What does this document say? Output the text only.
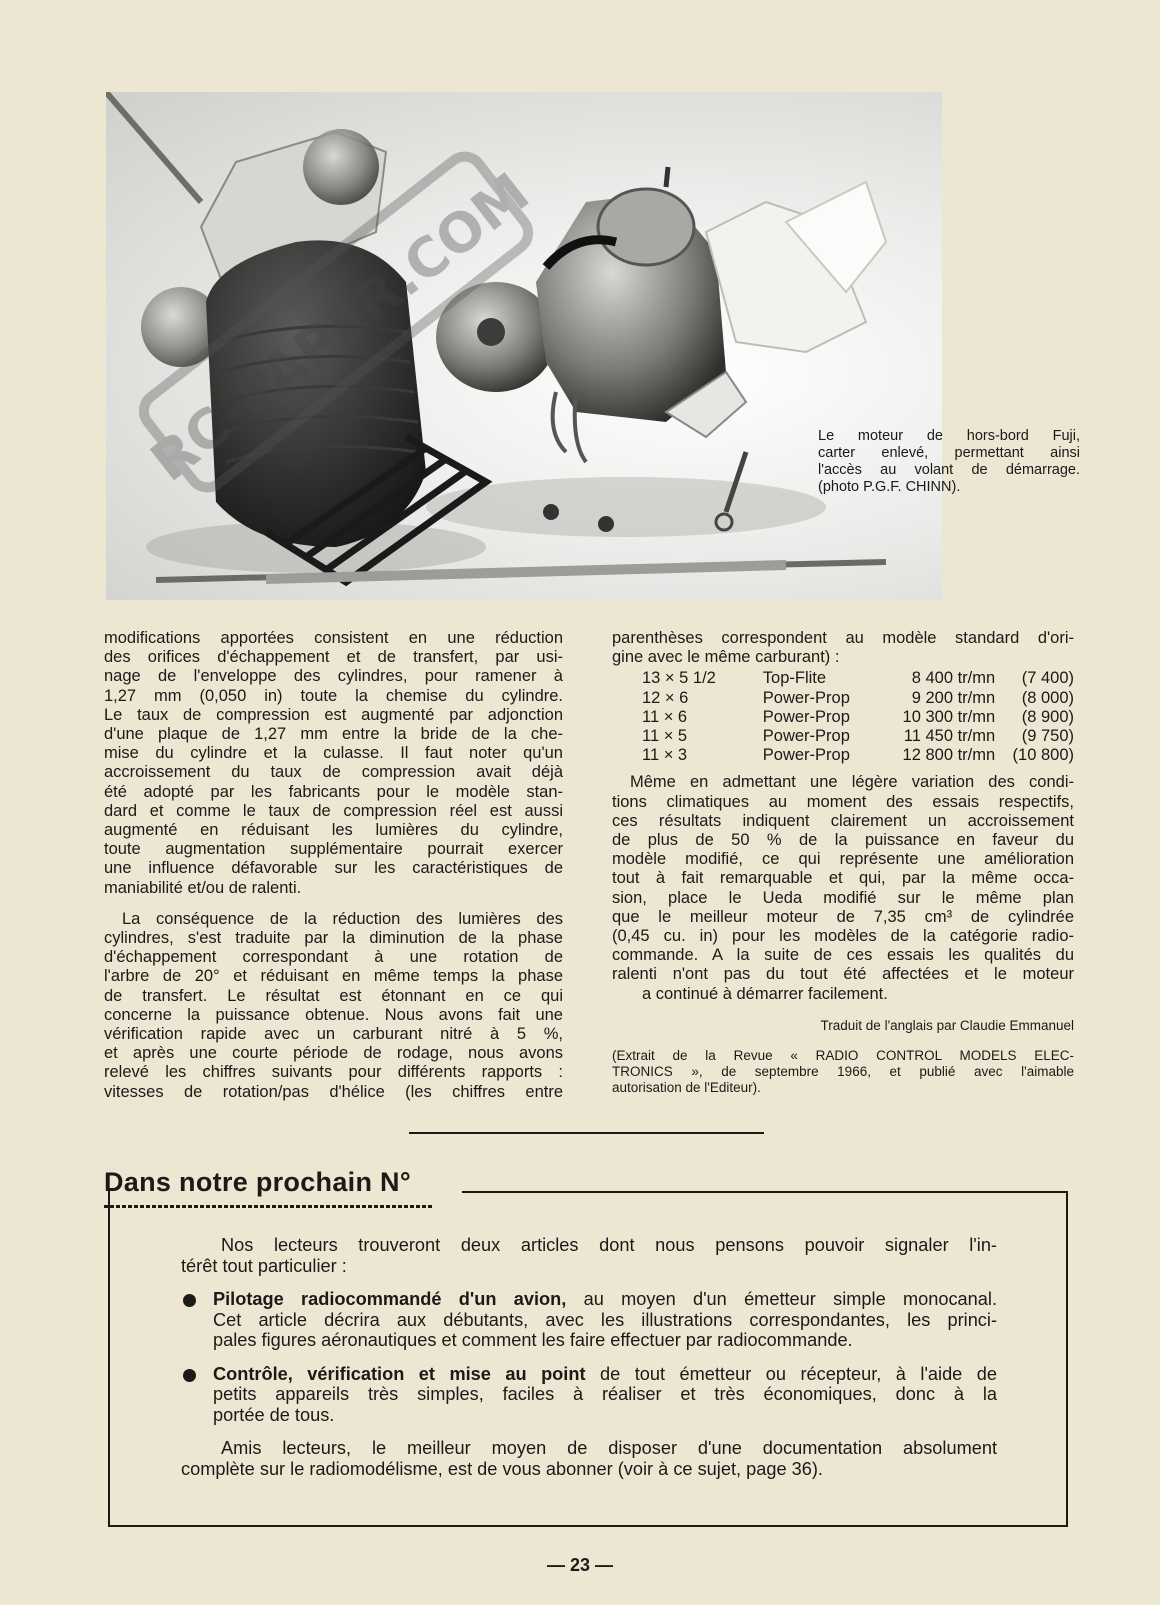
RC-PAPER.COM	Le moteur de hors-bord Fuji,
carter enlevé, permettant ainsi
l'accès au volant de démarrage.
(photo P.G.F. CHINN).
modifications apportées consistent en une réduction
des orifices d'échappement et de transfert, par usi-
nage de l'enveloppe des cylindres, pour ramener à
1,27 mm (0,050 in) toute la chemise du cylindre.
Le taux de compression est augmenté par adjonction
d'une plaque de 1,27 mm entre la bride de la che-
mise du cylindre et la culasse. Il faut noter qu'un
accroissement du taux de compression avait déjà
été adopté par les fabricants pour le modèle stan-
dard et comme le taux de compression réel est aussi
augmenté en réduisant les lumières du cylindre,
toute augmentation supplémentaire pourrait exercer
une influence défavorable sur les caractéristiques de
maniabilité et/ou de ralenti.
La conséquence de la réduction des lumières des
cylindres, s'est traduite par la diminution de la phase
d'échappement correspondant à une rotation de
l'arbre de 20° et réduisant en même temps la phase
de transfert. Le résultat est étonnant en ce qui
concerne la puissance obtenue. Nous avons fait une
vérification rapide avec un carburant nitré à 5 %,
et après une courte période de rodage, nous avons
relevé les chiffres suivants pour différents rapports :
vitesses de rotation/pas d'hélice (les chiffres entre
parenthèses correspondent au modèle standard d'ori-
gine avec le même carburant) :
13 × 5 1/2	Top-Flite	8 400 tr/mn	(7 400)
12 × 6	Power-Prop	9 200 tr/mn	(8 000)
11 × 6	Power-Prop	10 300 tr/mn	(8 900)
11 × 5	Power-Prop	11 450 tr/mn	(9 750)
11 × 3	Power-Prop	12 800 tr/mn	(10 800)
Même en admettant une légère variation des condi-
tions climatiques au moment des essais respectifs,
ces résultats indiquent clairement un accroissement
de plus de 50 % de la puissance en faveur du
modèle modifié, ce qui représente une amélioration
tout à fait remarquable et qui, par la même occa-
sion, place le Ueda modifié sur le même plan
que le meilleur moteur de 7,35 cm³ de cylindrée
(0,45 cu. in) pour les modèles de la catégorie radio-
commande. A la suite de ces essais les qualités du
ralenti n'ont pas du tout été affectées et le moteur
a continué à démarrer facilement.
Traduit de l'anglais par Claudie Emmanuel
(Extrait de la Revue « RADIO CONTROL MODELS ELEC-
TRONICS », de septembre 1966, et publié avec l'aimable
autorisation de l'Editeur).
Dans notre prochain N°
Nos lecteurs trouveront deux articles dont nous pensons pouvoir signaler l'in-
térêt tout particulier :
Pilotage radiocommandé d'un avion, au moyen d'un émetteur simple monocanal.
Cet article décrira aux débutants, avec les illustrations correspondantes, les princi-
pales figures aéronautiques et comment les faire effectuer par radiocommande.
Contrôle, vérification et mise au point de tout émetteur ou récepteur, à l'aide de
petits appareils très simples, faciles à réaliser et très économiques, donc à la
portée de tous.
Amis lecteurs, le meilleur moyen de disposer d'une documentation absolument
complète sur le radiomodélisme, est de vous abonner (voir à ce sujet, page 36).
— 23 —
